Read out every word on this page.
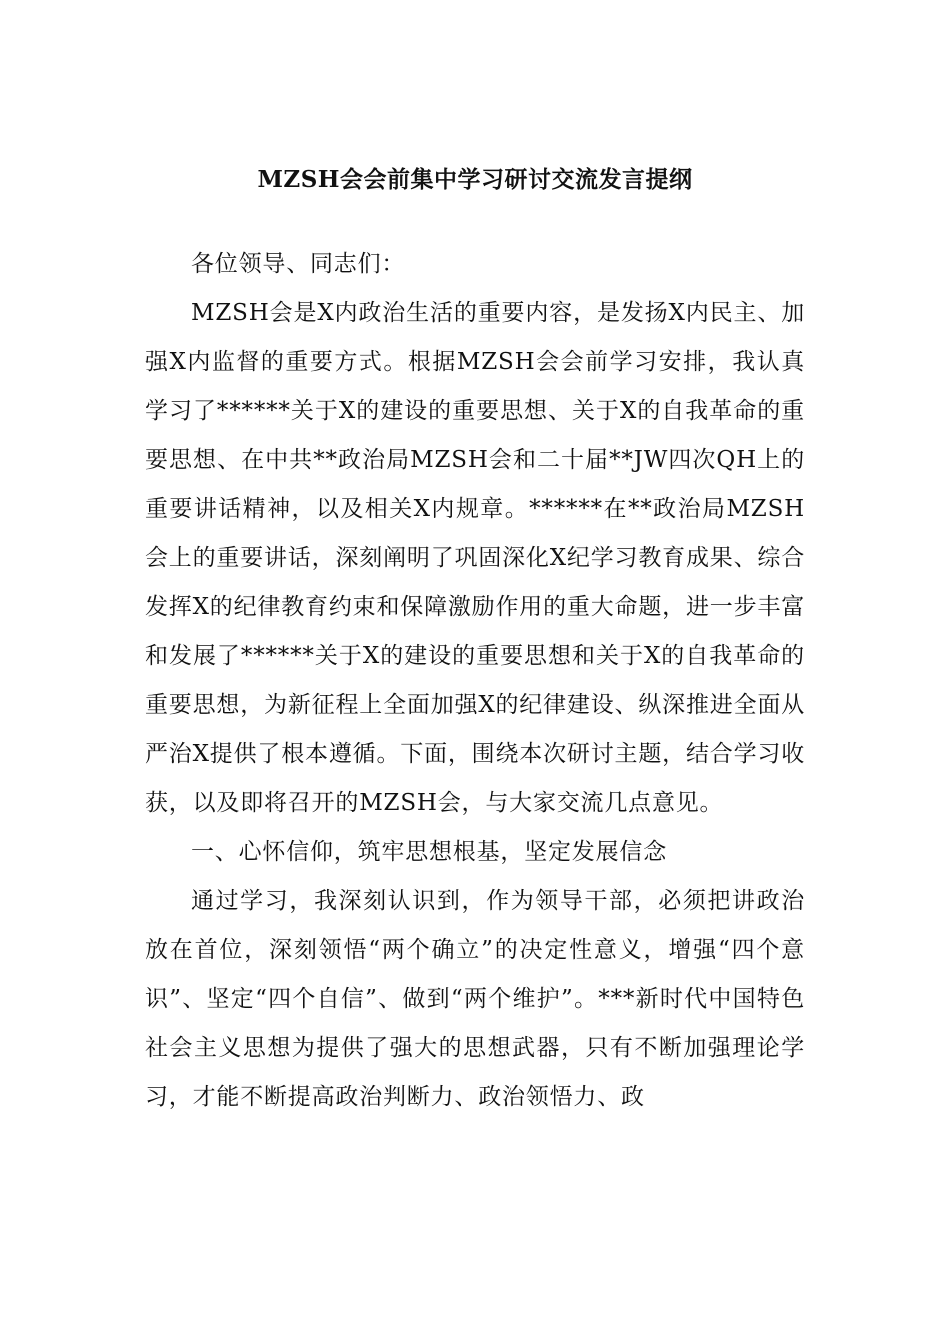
MZSH会会前集中学习研讨交流发言提纲

各位领导、同志们：

MZSH会是X内政治生活的重要内容，是发扬X内民主、加强X内监督的重要方式。根据MZSH会会前学习安排，我认真学习了******关于X的建设的重要思想、关于X的自我革命的重要思想、在中共**政治局MZSH会和二十届**JW四次QH上的重要讲话精神，以及相关X内规章。******在**政治局MZSH会上的重要讲话，深刻阐明了巩固深化X纪学习教育成果、综合发挥X的纪律教育约束和保障激励作用的重大命题，进一步丰富和发展了******关于X的建设的重要思想和关于X的自我革命的重要思想，为新征程上全面加强X的纪律建设、纵深推进全面从严治X提供了根本遵循。下面，围绕本次研讨主题，结合学习收获，以及即将召开的MZSH会，与大家交流几点意见。

一、心怀信仰，筑牢思想根基，坚定发展信念

通过学习，我深刻认识到，作为领导干部，必须把讲政治放在首位，深刻领悟“两个确立”的决定性意义，增强“四个意识”、坚定“四个自信”、做到“两个维护”。***新时代中国特色社会主义思想为提供了强大的思想武器，只有不断加强理论学习，才能不断提高政治判断力、政治领悟力、政
